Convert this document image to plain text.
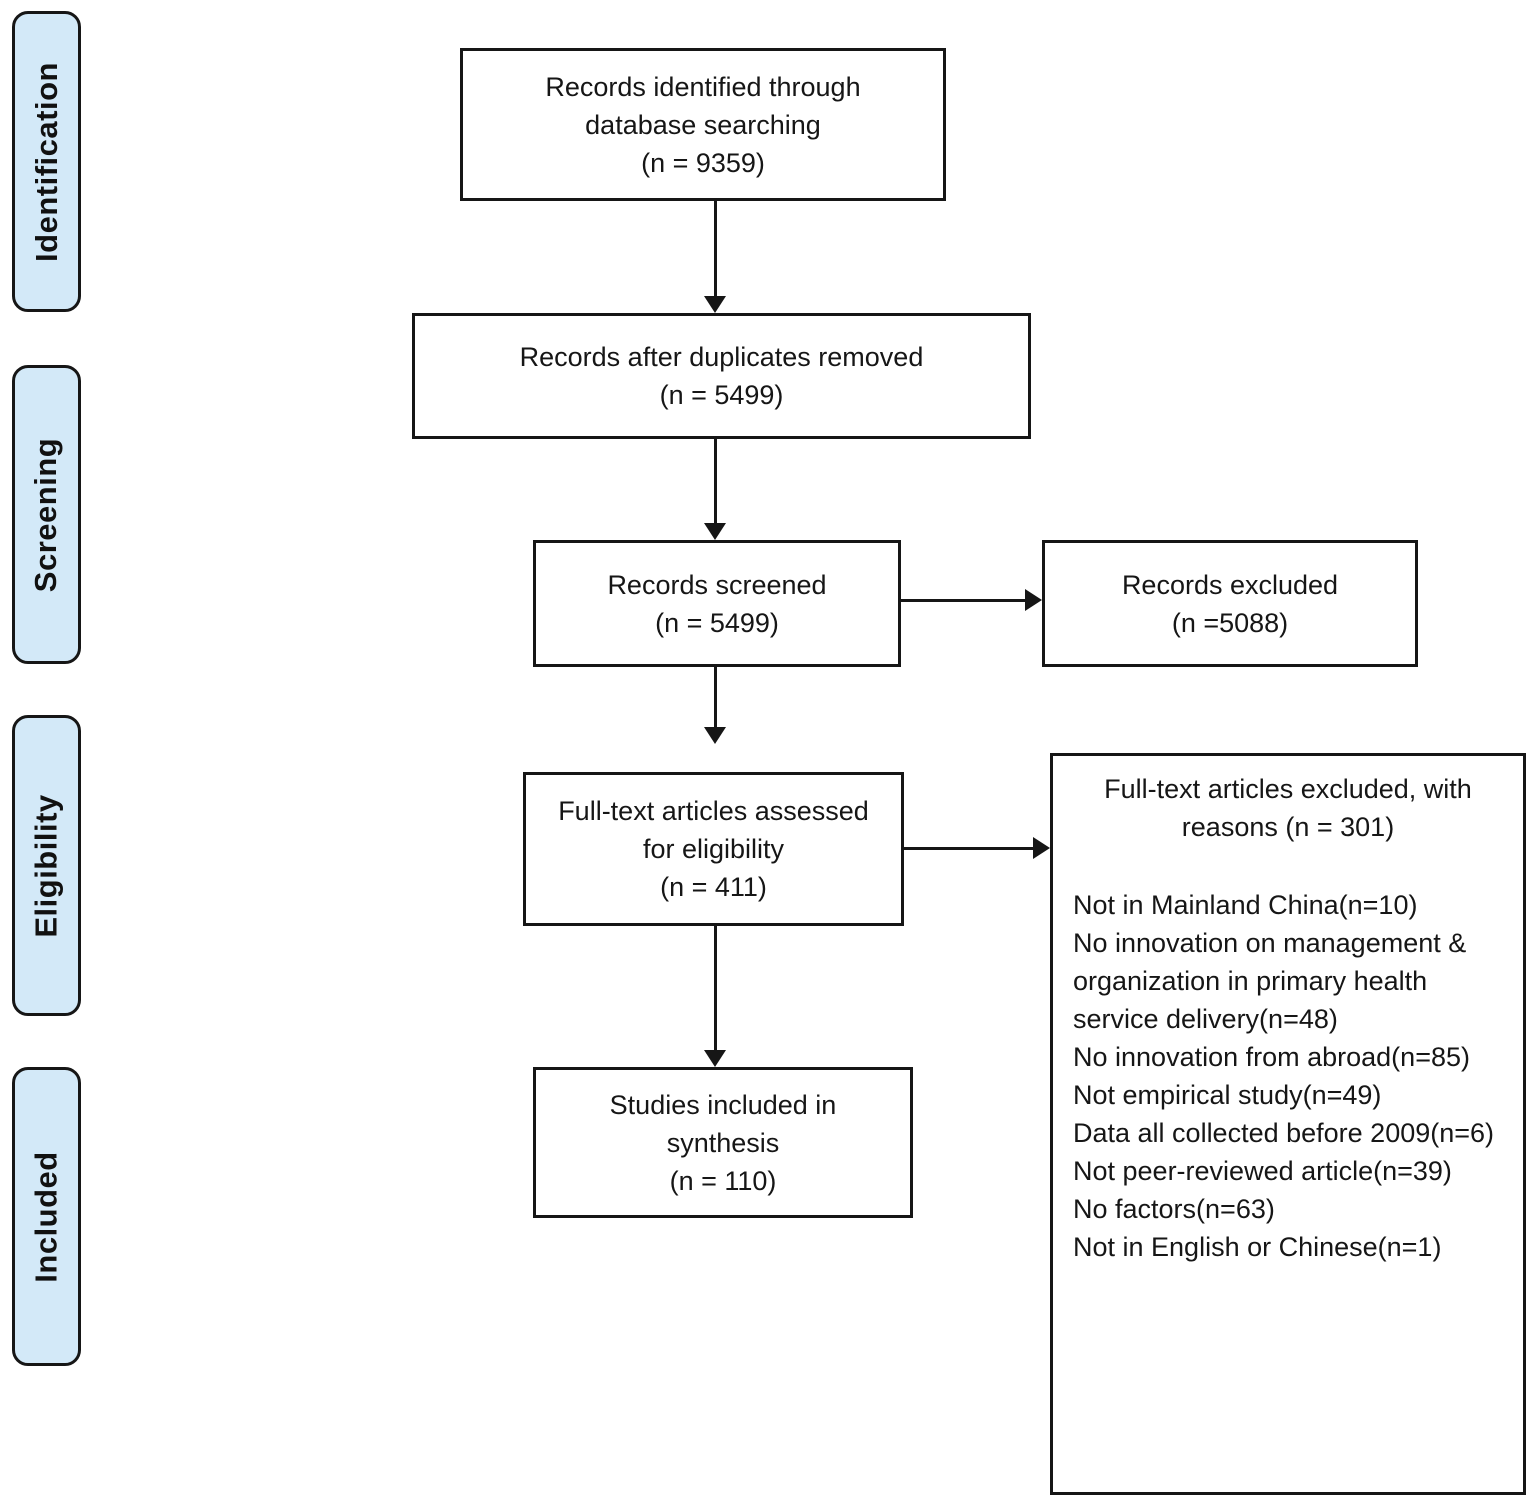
Identification
Screening
Eligibility
Included
Records identified through
database searching
(n = 9359)
Records after duplicates removed
(n = 5499)
Records screened
(n = 5499)
Records excluded
(n =5088)
Full-text articles assessed
for eligibility
(n = 411)
Full-text articles excluded, with reasons (n = 301)
Not in Mainland China(n=10)
No innovation on management & organization in primary health service delivery(n=48)
No innovation from abroad(n=85)
Not empirical study(n=49)
Data all collected before 2009(n=6)
Not peer-reviewed article(n=39)
No factors(n=63)
Not in English or Chinese(n=1)
Studies included in
synthesis
(n = 110)
